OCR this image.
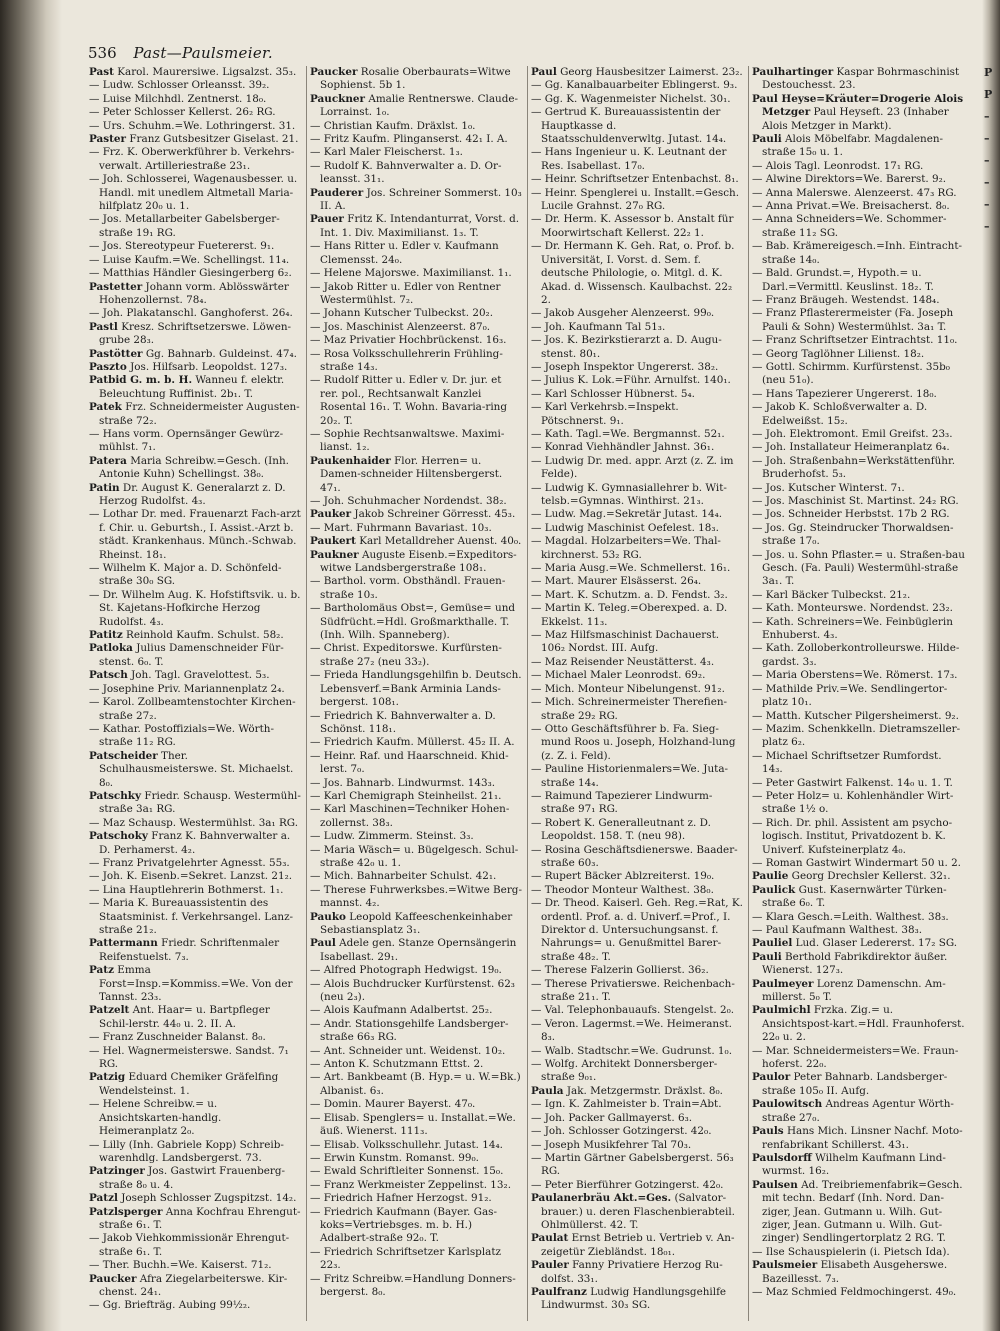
P
P
–
–
–
–
–
–
536 Past—Paulsmeier.
Past Karol. Maurersiwe. Ligsalzst. 35₃.
— Ludw. Schlosser Orleansst. 39₂.
— Luise Milchhdl. Zentnerst. 18₀.
— Peter Schlosser Kellerst. 26₂ RG.
— Urs. Schuhm.=We. Lothringerst. 31.
Paster Franz Gutsbesitzer Giselast. 21.
— Frz. K. Oberwerkführer b. Verkehrs-verwalt. Artilleriestraße 23₁.
— Joh. Schlosserei, Wagenausbesser. u. Handl. mit unedlem Altmetall Maria-hilfplatz 20₀ u. 1.
— Jos. Metallarbeiter Gabelsberger-straße 19₁ RG.
— Jos. Stereotypeur Fuetererst. 9₁.
— Luise Kaufm.=We. Schellingst. 11₄.
— Matthias Händler Giesingerberg 6₂.
Pastetter Johann vorm. Ablösswärter Hohenzollernst. 78₄.
— Joh. Plakatanschl. Ganghoferst. 26₄.
Pastl Kresz. Schriftsetzerswe. Löwen-grube 28₃.
Pastötter Gg. Bahnarb. Guldeinst. 47₄.
Paszto Jos. Hilfsarb. Leopoldst. 127₃.
Patbid G. m. b. H. Wanneu f. elektr. Beleuchtung Ruffinist. 2b₁. T.
Patek Frz. Schneidermeister Augusten-straße 72₂.
— Hans vorm. Opernsänger Gewürz-mühlst. 7₁.
Patera Maria Schreibw.=Gesch. (Inh. Antonie Kuhn) Schellingst. 38₀.
Patin Dr. August K. Generalarzt z. D. Herzog Rudolfst. 4₃.
— Lothar Dr. med. Frauenarzt Fach-arzt f. Chir. u. Geburtsh., I. Assist.-Arzt b. städt. Krankenhaus. Münch.-Schwab. Rheinst. 18₁.
— Wilhelm K. Major a. D. Schönfeld-straße 30₀ SG.
— Dr. Wilhelm Aug. K. Hofstiftsvik. u. b. St. Kajetans-Hofkirche Herzog Rudolfst. 4₃.
Patitz Reinhold Kaufm. Schulst. 58₂.
Patloka Julius Damenschneider Für-stenst. 6₀. T.
Patsch Joh. Tagl. Gravelottest. 5₃.
— Josephine Priv. Mariannenplatz 2₄.
— Karol. Zollbeamtenstochter Kirchen-straße 27₂.
— Kathar. Postoffizials=We. Wörth-straße 11₂ RG.
Patscheider Ther. Schulhausmeisterswe. St. Michaelst. 8₀.
Patschky Friedr. Schausp. Westermühl-straße 3a₁ RG.
— Maz Schausp. Westermühlst. 3a₁ RG.
Patschoky Franz K. Bahnverwalter a. D. Perhamerst. 4₂.
— Franz Privatgelehrter Agnesst. 55₃.
— Joh. K. Eisenb.=Sekret. Lanzst. 21₂.
— Lina Hauptlehrerin Bothmerst. 1₁.
— Maria K. Bureauassistentin des Staatsminist. f. Verkehrsangel. Lanz-straße 21₂.
Pattermann Friedr. Schriftenmaler Reifenstuelst. 7₃.
Patz Emma Forst=Insp.=Kommiss.=We. Von der Tannst. 23₃.
Patzelt Ant. Haar= u. Bartpfleger Schil-lerstr. 44₀ u. 2. II. A.
— Franz Zuschneider Balanst. 8₀.
— Hel. Wagnermeisterswe. Sandst. 7₁ RG.
Patzig Eduard Chemiker Gräfelfing Wendelsteinst. 1.
— Helene Schreibw.= u. Ansichtskarten-handlg. Heimeranplatz 2₀.
— Lilly (Inh. Gabriele Kopp) Schreib-warenhdlg. Landsbergerst. 73.
Patzinger Jos. Gastwirt Frauenberg-straße 8₀ u. 4.
Patzl Joseph Schlosser Zugspitzst. 14₂.
Patzlsperger Anna Kochfrau Ehrengut-straße 6₁. T.
— Jakob Viehkommissionär Ehrengut-straße 6₁. T.
— Ther. Buchh.=We. Kaiserst. 71₂.
Paucker Afra Ziegelarbeiterswe. Kir-chenst. 24₁.
— Gg. Briefträg. Aubing 99½₂.
Paucker Rosalie Oberbaurats=Witwe Sophienst. 5b 1.
Pauckner Amalie Rentnerswe. Claude-Lorrainst. 1₀.
— Christian Kaufm. Dräxlst. 1₀.
— Fritz Kaufm. Plinganserst. 42₁ I. A.
— Karl Maler Fleischerst. 1₃.
— Rudolf K. Bahnverwalter a. D. Or-leansst. 31₁.
Pauderer Jos. Schreiner Sommerst. 10₃ II. A.
Pauer Fritz K. Intendanturrat, Vorst. d. Int. 1. Div. Maximilianst. 1₃. T.
— Hans Ritter u. Edler v. Kaufmann Clemensst. 24₀.
— Helene Majorswe. Maximilianst. 1₁.
— Jakob Ritter u. Edler von Rentner Westermühlst. 7₂.
— Johann Kutscher Tulbeckst. 20₂.
— Jos. Maschinist Alenzeerst. 87₀.
— Maz Privatier Hochbrückenst. 16₃.
— Rosa Volksschullehrerin Frühling-straße 14₃.
— Rudolf Ritter u. Edler v. Dr. jur. et rer. pol., Rechtsanwalt Kanzlei Rosental 16₁. T. Wohn. Bavaria-ring 20₂. T.
— Sophie Rechtsanwaltswe. Maximi-lianst. 1₂.
Paukenhaider Flor. Herren= u. Damen-schneider Hiltensbergerst. 47₁.
— Joh. Schuhmacher Nordendst. 38₂.
Pauker Jakob Schreiner Görresst. 45₃.
— Mart. Fuhrmann Bavariast. 10₃.
Paukert Karl Metalldreher Auenst. 40₀.
Paukner Auguste Eisenb.=Expeditors-witwe Landsbergerstraße 108₁.
— Barthol. vorm. Obsthändl. Frauen-straße 10₃.
— Bartholomäus Obst=, Gemüse= und Südfrücht.=Hdl. Großmarkthalle. T. (Inh. Wilh. Spanneberg).
— Christ. Expeditorswe. Kurfürsten-straße 27₂ (neu 33₂).
— Frieda Handlungsgehilfin b. Deutsch. Lebensverf.=Bank Arminia Lands-bergerst. 108₁.
— Friedrich K. Bahnverwalter a. D. Schönst. 118₁.
— Friedrich Kaufm. Müllerst. 45₂ II. A.
— Heinr. Raf. und Haarschneid. Khid-lerst. 7₀.
— Jos. Bahnarb. Lindwurmst. 143₃.
— Karl Chemigraph Steinheilst. 21₁.
— Karl Maschinen=Techniker Hohen-zollernst. 38₃.
— Ludw. Zimmerm. Steinst. 3₃.
— Maria Wäsch= u. Bügelgesch. Schul-straße 42₀ u. 1.
— Mich. Bahnarbeiter Schulst. 42₁.
— Therese Fuhrwerksbes.=Witwe Berg-mannst. 4₂.
Pauko Leopold Kaffeeschenkeinhaber Sebastiansplatz 3₁.
Paul Adele gen. Stanze Opernsängerin Isabellast. 29₁.
— Alfred Photograph Hedwigst. 19₀.
— Alois Buchdrucker Kurfürstenst. 62₃ (neu 2₃).
— Alois Kaufmann Adalbertst. 25₂.
— Andr. Stationsgehilfe Landsberger-straße 66₃ RG.
— Ant. Schneider unt. Weidenst. 10₂.
— Anton K. Schutzmann Ettst. 2.
— Art. Bankbeamt (B. Hyp.= u. W.=Bk.) Albanist. 6₃.
— Domin. Maurer Bayerst. 47₀.
— Elisab. Spenglers= u. Installat.=We. äuß. Wienerst. 111₃.
— Elisab. Volksschullehr. Jutast. 14₄.
— Erwin Kunstm. Romanst. 99₀.
— Ewald Schriftleiter Sonnenst. 15₀.
— Franz Werkmeister Zeppelinst. 13₂.
— Friedrich Hafner Herzogst. 91₂.
— Friedrich Kaufmann (Bayer. Gas-koks=Vertriebsges. m. b. H.) Adalbert-straße 92₀. T.
— Friedrich Schriftsetzer Karlsplatz 22₃.
— Fritz Schreibw.=Handlung Donners-bergerst. 8₀.
Paul Georg Hausbesitzer Laimerst. 23₂.
— Gg. Kanalbauarbeiter Eblingerst. 9₃.
— Gg. K. Wagenmeister Nichelst. 30₁.
— Gertrud K. Bureauassistentin der Hauptkasse d. Staatsschuldenverwltg. Jutast. 14₄.
— Hans Ingenieur u. K. Leutnant der Res. Isabellast. 17₀.
— Heinr. Schriftsetzer Entenbachst. 8₁.
— Heinr. Spenglerei u. Installt.=Gesch. Lucile Grahnst. 27₀ RG.
— Dr. Herm. K. Assessor b. Anstalt für Moorwirtschaft Kellerst. 22₂ 1.
— Dr. Hermann K. Geh. Rat, o. Prof. b. Universität, I. Vorst. d. Sem. f. deutsche Philologie, o. Mitgl. d. K. Akad. d. Wissensch. Kaulbachst. 22₂ 2.
— Jakob Ausgeher Alenzeerst. 99₀.
— Joh. Kaufmann Tal 51₃.
— Jos. K. Bezirkstierarzt a. D. Augu-stenst. 80₁.
— Joseph Inspektor Ungererst. 38₂.
— Julius K. Lok.=Führ. Arnulfst. 140₁.
— Karl Schlosser Hübnerst. 5₄.
— Karl Verkehrsb.=Inspekt. Pötschnerst. 9₁.
— Kath. Tagl.=We. Bergmannst. 52₁.
— Konrad Viehhändler Jahnst. 36₁.
— Ludwig Dr. med. appr. Arzt (z. Z. im Felde).
— Ludwig K. Gymnasiallehrer b. Wit-telsb.=Gymnas. Winthirst. 21₃.
— Ludw. Mag.=Sekretär Jutast. 14₄.
— Ludwig Maschinist Oefelest. 18₃.
— Magdal. Holzarbeiters=We. Thal-kirchnerst. 53₂ RG.
— Maria Ausg.=We. Schmellerst. 16₁.
— Mart. Maurer Elsässerst. 26₄.
— Mart. K. Schutzm. a. D. Fendst. 3₂.
— Martin K. Teleg.=Oberexped. a. D. Ekkelst. 11₃.
— Maz Hilfsmaschinist Dachauerst. 106₂ Nordst. III. Aufg.
— Maz Reisender Neustätterst. 4₃.
— Michael Maler Leonrodst. 69₂.
— Mich. Monteur Nibelungenst. 91₂.
— Mich. Schreinermeister Therefien-straße 29₂ RG.
— Otto Geschäftsführer b. Fa. Sieg-mund Roos u. Joseph, Holzhand-lung (z. Z. i. Feld).
— Pauline Historienmalers=We. Juta-straße 14₄.
— Raimund Tapezierer Lindwurm-straße 97₁ RG.
— Robert K. Generalleutnant z. D. Leopoldst. 158. T. (neu 98).
— Rosina Geschäftsdienerswe. Baader-straße 60₃.
— Rupert Bäcker Ablzreiterst. 19₀.
— Theodor Monteur Walthest. 38₀.
— Dr. Theod. Kaiserl. Geh. Reg.=Rat, K. ordentl. Prof. a. d. Univerf.=Prof., I. Direktor d. Untersuchungsanst. f. Nahrungs= u. Genußmittel Barer-straße 48₂. T.
— Therese Falzerin Gollierst. 36₂.
— Therese Privatierswe. Reichenbach-straße 21₁. T.
— Val. Telephonbauaufs. Stengelst. 2₀.
— Veron. Lagermst.=We. Heimeranst. 8₃.
— Walb. Stadtschr.=We. Gudrunst. 1₀.
— Wolfg. Architekt Donnersberger-straße 9₀₁.
Paula Jak. Metzgermstr. Dräxlst. 8₀.
— Ign. K. Zahlmeister b. Train=Abt.
— Joh. Packer Gallmayerst. 6₃.
— Joh. Schlosser Gotzingerst. 42₀.
— Joseph Musikfehrer Tal 70₃.
— Martin Gärtner Gabelsbergerst. 56₃ RG.
— Peter Bierführer Gotzingerst. 42₀.
Paulanerbräu Akt.=Ges. (Salvator-brauer.) u. deren Flaschenbierabteil. Ohlmüllerst. 42. T.
Paulat Ernst Betrieb u. Vertrieb v. An-zeigetür Ziebländst. 18₀₁.
Pauler Fanny Privatiere Herzog Ru-dolfst. 33₁.
Paulfranz Ludwig Handlungsgehilfe Lindwurmst. 30₃ SG.
Paulhartinger Kaspar Bohrmaschinist Destouchesst. 23.
Paul Heyse=Kräuter=Drogerie Alois Metzger Paul Heyseft. 23 (Inhaber Alois Metzger in Markt).
Pauli Alois Möbelfabr. Magdalenen-straße 15₀ u. 1.
— Alois Tagl. Leonrodst. 17₁ RG.
— Alwine Direktors=We. Barerst. 9₂.
— Anna Malerswe. Alenzeerst. 47₃ RG.
— Anna Privat.=We. Breisacherst. 8₀.
— Anna Schneiders=We. Schommer-straße 11₂ SG.
— Bab. Krämereigesch.=Inh. Eintracht-straße 14₀.
— Bald. Grundst.=, Hypoth.= u. Darl.=Vermittl. Keuslinst. 18₂. T.
— Franz Bräugeh. Westendst. 148₄.
— Franz Pflasterermeister (Fa. Joseph Pauli & Sohn) Westermühlst. 3a₁ T.
— Franz Schriftsetzer Eintrachtst. 11₀.
— Georg Taglöhner Lilienst. 18₂.
— Gottl. Schirmm. Kurfürstenst. 35b₀ (neu 51₀).
— Hans Tapezierer Ungererst. 18₀.
— Jakob K. Schloßverwalter a. D. Edelweißst. 15₂.
— Joh. Elektromont. Emil Greifst. 23₃.
— Joh. Installateur Heimeranplatz 6₄.
— Joh. Straßenbahn=Werkstättenführ. Bruderhofst. 5₃.
— Jos. Kutscher Winterst. 7₁.
— Jos. Maschinist St. Martinst. 24₂ RG.
— Jos. Schneider Herbstst. 17b 2 RG.
— Jos. Gg. Steindrucker Thorwaldsen-straße 17₀.
— Jos. u. Sohn Pflaster.= u. Straßen-bau Gesch. (Fa. Pauli) Westermühl-straße 3a₁. T.
— Karl Bäcker Tulbeckst. 21₂.
— Kath. Monteurswe. Nordendst. 23₂.
— Kath. Schreiners=We. Feinbüglerin Enhuberst. 4₃.
— Kath. Zolloberkontrolleurswe. Hilde-gardst. 3₃.
— Maria Oberstens=We. Römerst. 17₃.
— Mathilde Priv.=We. Sendlingertor-platz 10₁.
— Matth. Kutscher Pilgersheimerst. 9₂.
— Mazim. Schenkkelln. Dietramszeller-platz 6₂.
— Michael Schriftsetzer Rumfordst. 14₃.
— Peter Gastwirt Falkenst. 14₀ u. 1. T.
— Peter Holz= u. Kohlenhändler Wirt-straße 1½ o.
— Rich. Dr. phil. Assistent am psycho-logisch. Institut, Privatdozent b. K. Univerf. Kufsteinerplatz 4₀.
— Roman Gastwirt Windermart 50 u. 2.
Paulie Georg Drechsler Kellerst. 32₁.
Paulick Gust. Kasernwärter Türken-straße 6₀. T.
— Klara Gesch.=Leith. Walthest. 38₃.
— Paul Kaufmann Walthest. 38₃.
Pauliel Lud. Glaser Ledererst. 17₂ SG.
Pauli Berthold Fabrikdirektor äußer. Wienerst. 127₃.
Paulmeyer Lorenz Damenschn. Am-millerst. 5₀ T.
Paulmichl Frzka. Zig.= u. Ansichtspost-kart.=Hdl. Fraunhoferst. 22₀ u. 2.
— Mar. Schneidermeisters=We. Fraun-hoferst. 22₀.
Paulor Peter Bahnarb. Landsberger-straße 105₀ II. Aufg.
Paulowitsch Andreas Agentur Wörth-straße 27₀.
Pauls Hans Mich. Linsner Nachf. Moto-renfabrikant Schillerst. 43₁.
Paulsdorff Wilhelm Kaufmann Lind-wurmst. 16₂.
Paulsen Ad. Treibriemenfabrik=Gesch. mit techn. Bedarf (Inh. Nord. Dan-ziger, Jean. Gutmann u. Wilh. Gut-ziger, Jean. Gutmann u. Wilh. Gut-zinger) Sendlingertorplatz 2 RG. T.
— Ilse Schauspielerin (i. Pietsch Ida).
Paulsmeier Elisabeth Ausgeherswe. Bazeillesst. 7₃.
— Maz Schmied Feldmochingerst. 49₀.
